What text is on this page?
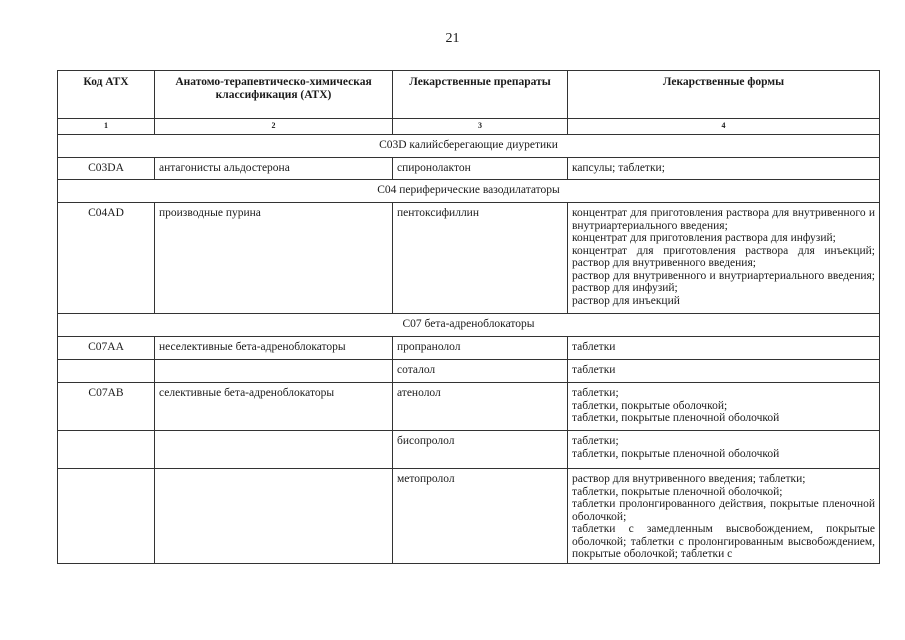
21
Код АТХ	Анатомо-терапевтическо-химическая классификация (АТХ)	Лекарственные препараты	Лекарственные формы
1	2	3	4
C03D калийсберегающие диуретики			
C03DA	антагонисты альдостерона	спиронолактон	капсулы; таблетки;

C04 периферические вазодилататоры			
C04AD	производные пурина	пентоксифиллин	концентрат для приготовления раствора для внутривенного и внутриартериального введения;
концентрат для приготовления раствора для инфузий;
концентрат для приготовления раствора для инъекций; раствор для внутривенного введения;
раствор для внутривенного и внутриартериального введения; раствор для инфузий;
раствор для инъекций

C07 бета-адреноблокаторы			
C07AA	неселективные бета-адреноблокаторы	пропранолол	таблетки

		соталол	таблетки

C07AB	селективные бета-адреноблокаторы	атенолол	таблетки;
таблетки, покрытые оболочкой;
таблетки, покрытые пленочной оболочкой

		бисопролол	таблетки;
таблетки, покрытые пленочной оболочкой

		метопролол	раствор для внутривенного введения; таблетки;
таблетки, покрытые пленочной оболочкой;
таблетки пролонгированного действия, покрытые пленочной оболочкой;
таблетки с замедленным высвобождением, покрытые оболочкой; таблетки с пролонгированным высвобождением, покрытые оболочкой; таблетки с
